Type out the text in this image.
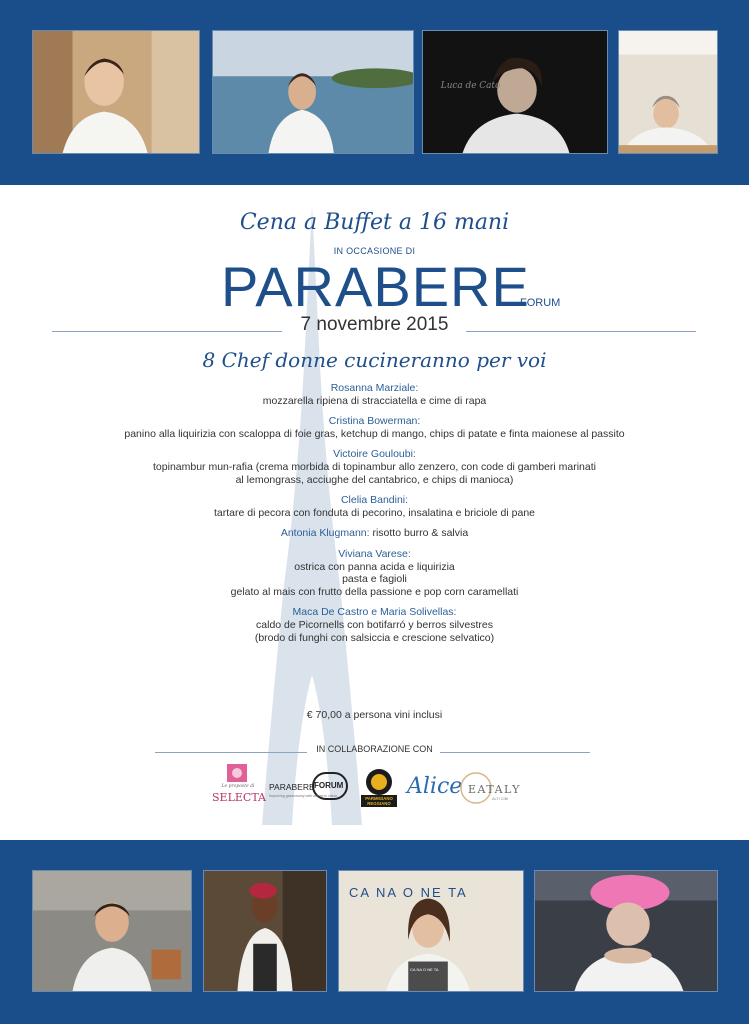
Luca de Cato
Cena a Buffet a 16 mani
IN OCCASIONE DI
PARABERE
FORUM
7 novembre 2015
8 Chef donne cucineranno per voi
Rosanna Marziale:
mozzarella ripiena di stracciatella e cime di rapa
Cristina Bowerman:
panino alla liquirizia con scaloppa di foie gras, ketchup di mango, chips di patate e finta maionese al passito
Victoire Gouloubi:
topinambur mun-rafia (crema morbida di topinambur allo zenzero, con code di gamberi marinati
al lemongrass, acciughe del cantabrico, e chips di manioca)
Clelia Bandini:
tartare di pecora con fonduta di pecorino, insalatina e briciole di pane
Antonia Klugmann: risotto burro & salvia
Viviana Varese:
ostrica con panna acida e liquirizia
pasta e fagioli
gelato al mais con frutto della passione e pop corn caramellati
Maca De Castro e Maria Solivellas:
caldo de Picornells con botifarró y berros silvestres
(brodo di funghi con salsiccia e crescione selvatico)
€ 70,00 a persona vini inclusi
IN COLLABORAZIONE CON
Le proposte di
SELECTA
PARABERE FORUM
Improving gastronomy with women's vision	PARMIGIANO
REGGIANO
Alice EATALY
ALTI CIBI
CA NA O NE TA
CA NA O NE TA
